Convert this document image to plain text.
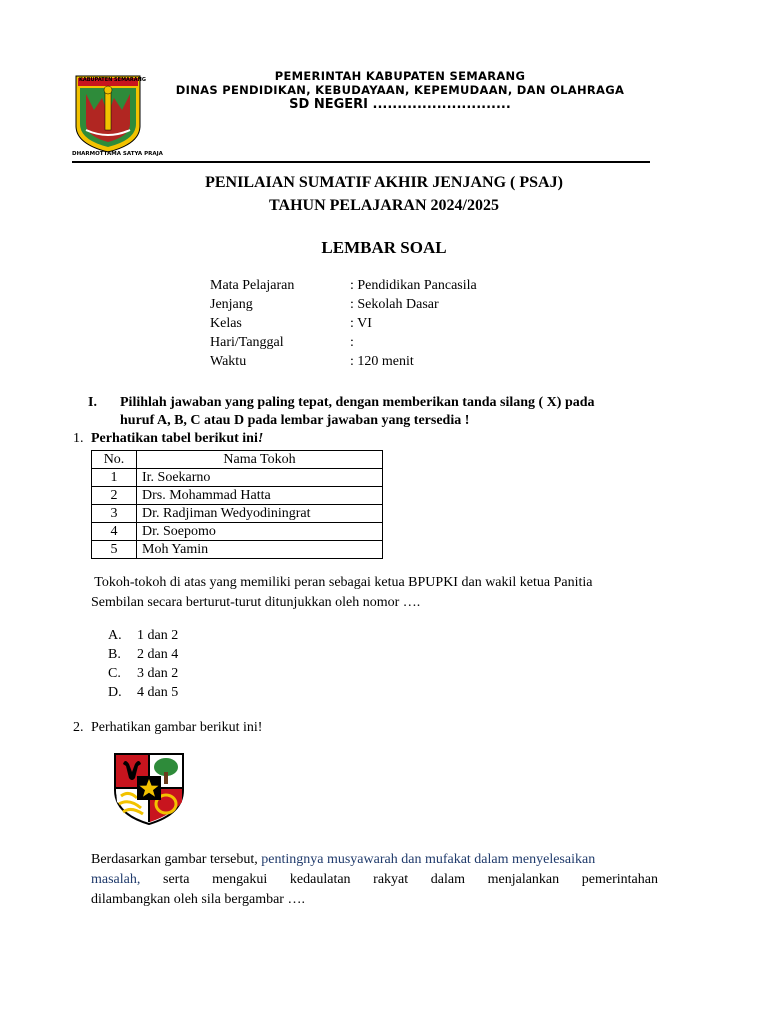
KABUPATEN SEMARANG
DHARMOTTAMA SATYA PRAJA
PEMERINTAH KABUPATEN SEMARANG
DINAS PENDIDIKAN, KEBUDAYAAN, KEPEMUDAAN, DAN OLAHRAGA
SD NEGERI ............................
PENILAIAN SUMATIF AKHIR JENJANG ( PSAJ)
TAHUN PELAJARAN 2024/2025
LEMBAR SOAL
Mata Pelajaran	: Pendidikan Pancasila
Jenjang	: Sekolah Dasar
Kelas	: VI
Hari/Tanggal	:
Waktu	: 120 menit
I. Pilihlah jawaban yang paling tepat, dengan memberikan tanda silang ( X) pada
huruf A, B, C atau D pada lembar jawaban yang tersedia !
1. Perhatikan tabel berikut ini!
No.	Nama Tokoh
1	Ir. Soekarno
2	Drs. Mohammad Hatta
3	Dr. Radjiman Wedyodiningrat
4	Dr. Soepomo
5	Moh Yamin
Tokoh-tokoh di atas yang memiliki peran sebagai ketua BPUPKI dan wakil ketua Panitia
Sembilan secara berturut-turut ditunjukkan oleh nomor ….
A. 1 dan 2
B. 2 dan 4
C. 3 dan 2
D. 4 dan 5
2. Perhatikan gambar berikut ini!
Berdasarkan gambar tersebut, pentingnya musyawarah dan mufakat dalam menyelesaikan
masalah, serta mengakui kedaulatan rakyat dalam menjalankan pemerintahan
dilambangkan oleh sila bergambar ….
